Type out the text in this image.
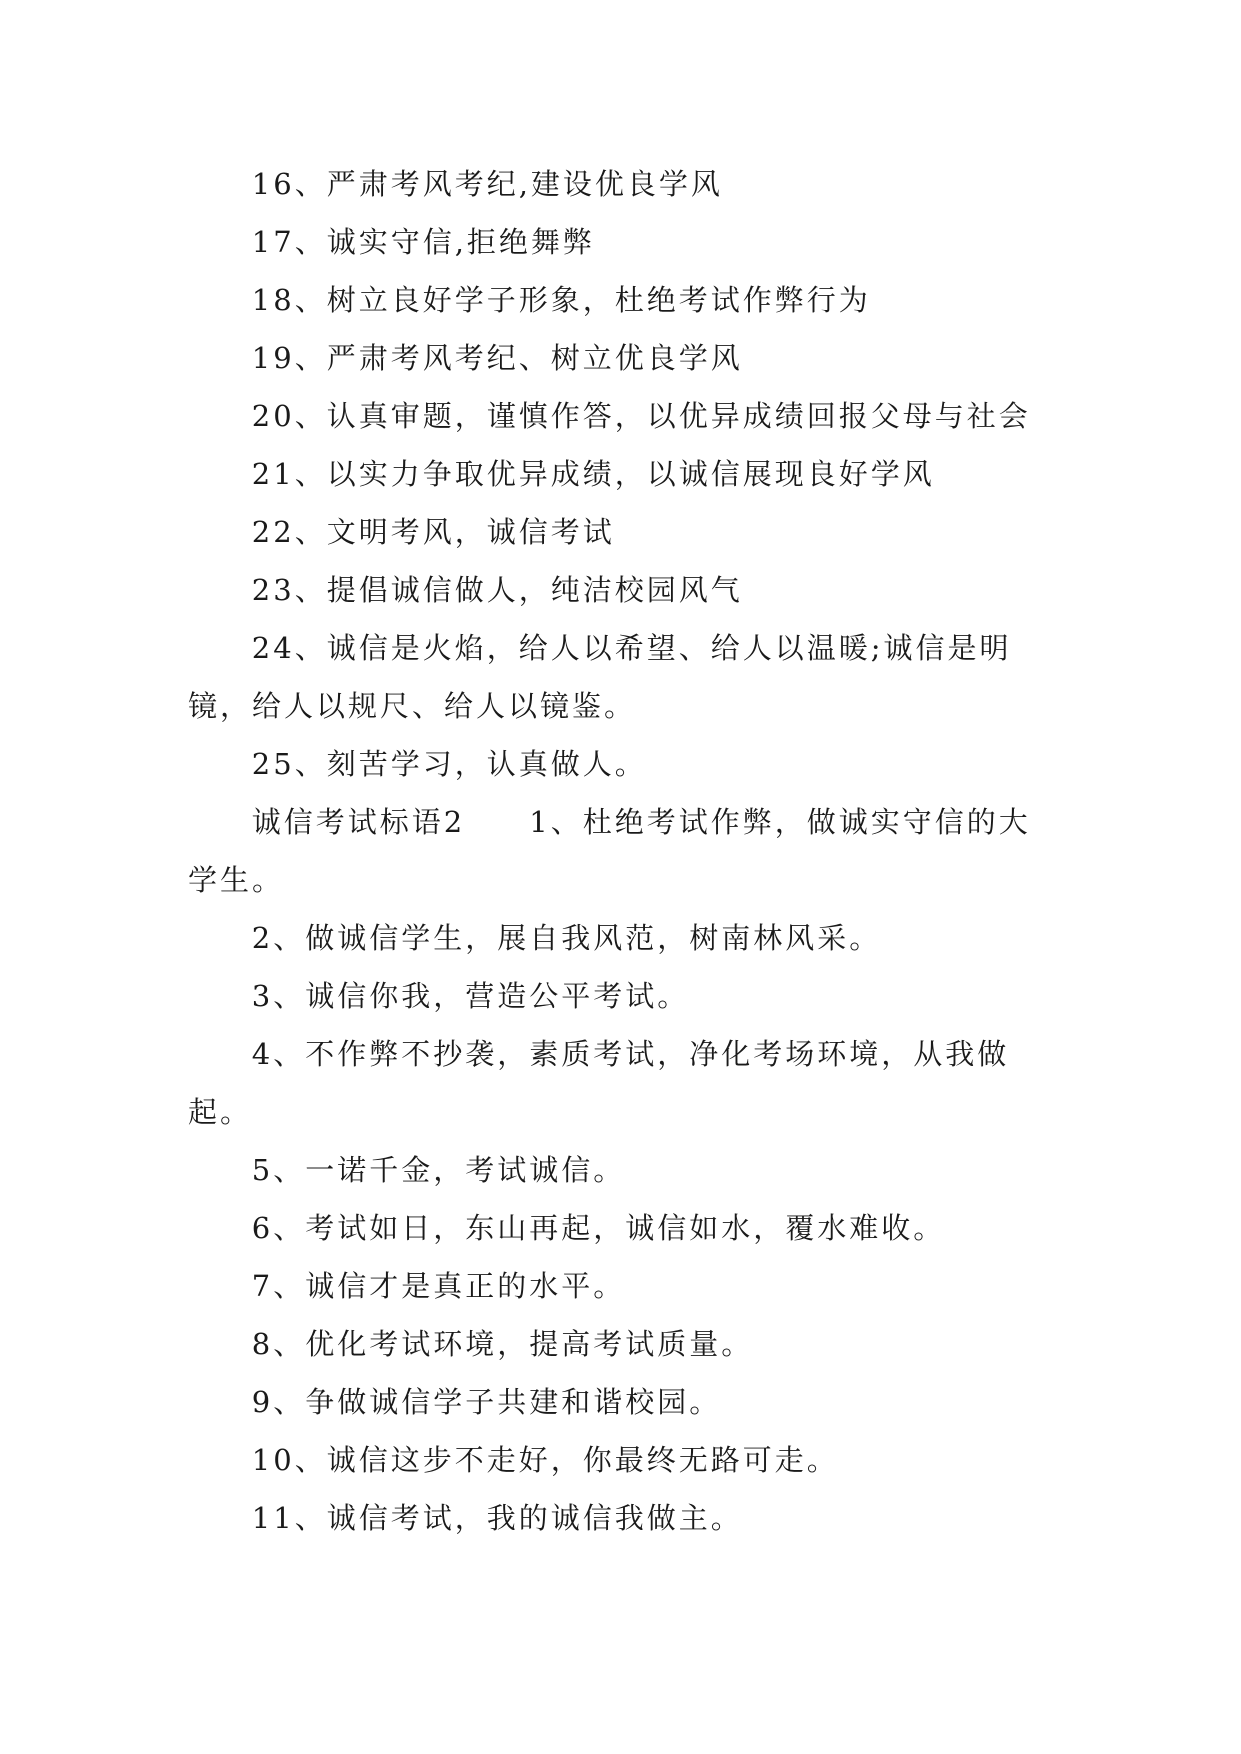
16、严肃考风考纪,建设优良学风

17、诚实守信,拒绝舞弊

18、树立良好学子形象，杜绝考试作弊行为

19、严肃考风考纪、树立优良学风

20、认真审题，谨慎作答，以优异成绩回报父母与社会

21、以实力争取优异成绩，以诚信展现良好学风

22、文明考风，诚信考试

23、提倡诚信做人，纯洁校园风气

24、诚信是火焰，给人以希望、给人以温暖;诚信是明镜，给人以规尺、给人以镜鉴。

25、刻苦学习，认真做人。

诚信考试标语2　　1、杜绝考试作弊，做诚实守信的大学生。

2、做诚信学生，展自我风范，树南林风采。

3、诚信你我，营造公平考试。

4、不作弊不抄袭，素质考试，净化考场环境，从我做起。

5、一诺千金，考试诚信。

6、考试如日，东山再起，诚信如水，覆水难收。

7、诚信才是真正的水平。

8、优化考试环境，提高考试质量。

9、争做诚信学子共建和谐校园。

10、诚信这步不走好，你最终无路可走。

11、诚信考试，我的诚信我做主。
